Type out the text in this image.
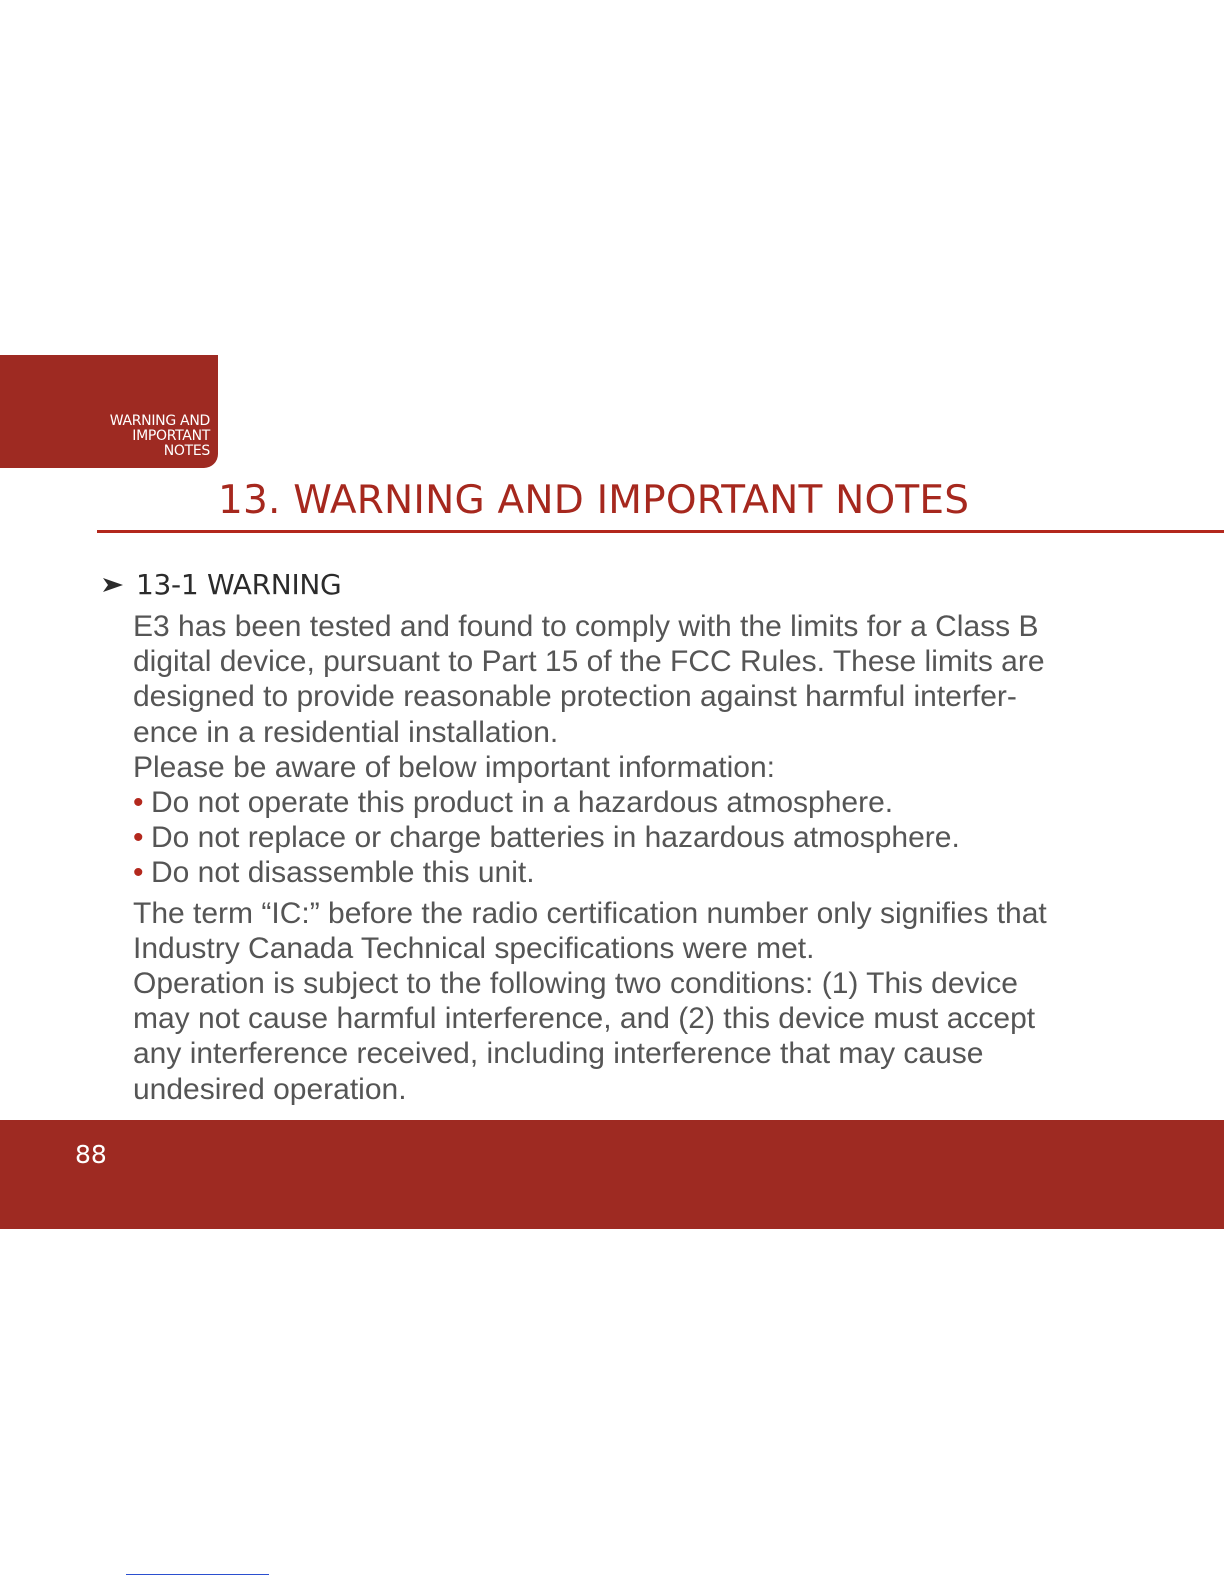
WARNING AND
IMPORTANT
NOTES
13. WARNING AND IMPORTANT NOTES
13-1 WARNING

E3 has been tested and found to comply with the limits for a Class B
digital device, pursuant to Part 15 of the FCC Rules. These limits are
designed to provide reasonable protection against harmful interfer-
ence in a residential installation.

Please be aware of below important information:

• Do not operate this product in a hazardous atmosphere.
• Do not replace or charge batteries in hazardous atmosphere.
• Do not disassemble this unit.

The term “IC:” before the radio certification number only signifies that
Industry Canada Technical specifications were met.

Operation is subject to the following two conditions: (1) This device
may not cause harmful interference, and (2) this device must accept
any interference received, including interference that may cause
undesired operation.

88
